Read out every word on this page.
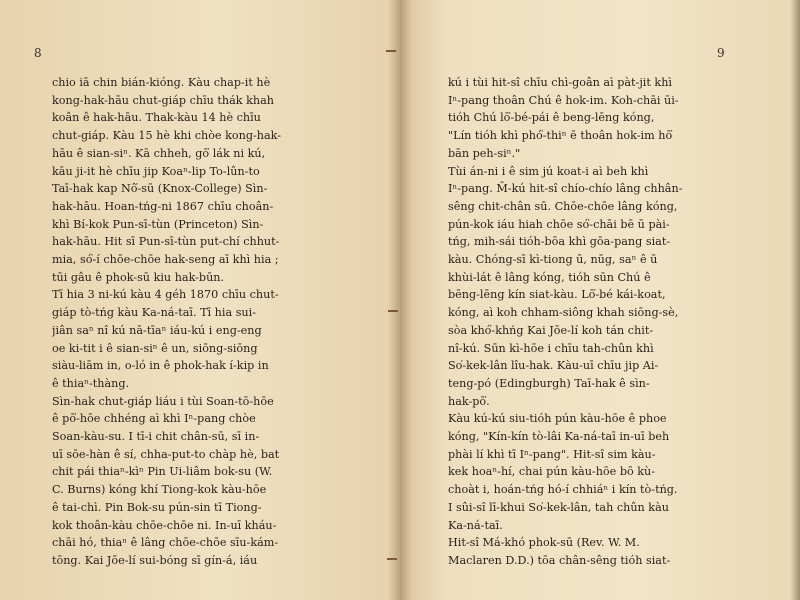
8
chio iā chin bián-kióng. Kàu chap-it hè
kong-hak-hāu chut-giáp chīu thák khah
koân ê hak-hāu. Thak-kàu 14 hè chīu
chut-giáp. Kàu 15 hè khi chòe kong-hak-
hāu ê sian-siⁿ. Kā chheh, gō͘ lák ni kú,
kāu ji-it hè chīu jip Koaⁿ-lip To-lûn-to
Taī-hak kap Nô͘-sū (Knox-College) Sìn-
hak-hāu. Hoan-tńg-ni 1867 chīu choân-
khì Bí-kok Pun-sī-tùn (Princeton) Sìn-
hak-hāu. Hit sī Pun-sī-tùn put-chí chhut-
mia, só͘-í chōe-chōe hak-seng aī khì hia ;
tūi gâu ê phok-sū kiu hak-būn.
Tī hia 3 ni-kú kàu 4 géh 1870 chīu chut-
giáp tò-tńg kàu Ka-ná-taī. Tī hia sui-
jiân saⁿ nî kú nā-tīaⁿ iáu-kú i eng-eng
oe ki-tit i ê sian-siⁿ ê un, siōng-siōng
siàu-liām in, o-ló in ê phok-hak í-kip in
ê thiaⁿ-thàng.
Sìn-hak chut-giáp liáu i tùi Soan-tō-hōe
ê pō͘-hōe chhéng aì khì Iⁿ-pang chòe
Soan-kàu-su. I tī-i chit chân-sū, sī in-
uī sōe-hàn ê sí, chha-put-to chàp hè, bat
chit pái thiaⁿ-kìⁿ Pin Ui-liâm bok-su (W.
C. Burns) kóng khí Tiong-kok kàu-hōe
ê tai-chì. Pin Bok-su pún-sin tī Tiong-
kok thoân-kàu chōe-chōe ni. In-uī kháu-
chāi hó, thiaⁿ ê lâng chōe-chōe sīu-kám-
tōng. Kai Jōe-lí sui-bóng sī gín-á, iáu
9
kú i tùi hit-sî chīu chì-goân aì pàt-jit khì
Iⁿ-pang thoân Chú ê hok-im. Koh-chāi ūi-
tióh Chú lō͘-bé-pái ê beng-lēng kóng,
"Lín tióh khì phó͘-thiⁿ ē thoân hok-im hō͘
bān peh-siⁿ."
Tùi án-ni i ê sim jú koat-i aì beh khì
Iⁿ-pang. M̄-kú hit-sî chío-chío lâng chhân-
sêng chit-chân sū. Chōe-chōe lâng kóng,
pún-kok iáu hiah chōe só͘-chāi bē ū pài-
tńg, mih-sái tióh-bōa khì gōa-pang siat-
kàu. Chóng-sī kì-tiong ū, nūg, saⁿ ê ū
khùi-lát ê lâng kóng, tióh sūn Chú ê
bēng-lēng kín siat-kàu. Lō͘-bé kái-koat,
kóng, aì koh chham-siông khah siōng-sè,
sòa khó͘-khńg Kai Jōe-lí koh tán chit-
nî-kú. Sūn kì-hōe i chīu tah-chûn khì
So͘-kek-lân lîu-hak. Kàu-uī chīu jip Ai-
teng-pó (Edingburgh) Taī-hak ê sìn-
hak-pō͘.
Kàu kú-kú siu-tióh pún kàu-hōe ê phoe
kóng, "Kín-kín tò-lâi Ka-ná-taī in-uī beh
phài lí khì tī Iⁿ-pang". Hit-sî sim kàu-
kek hoaⁿ-hí, chai pún kàu-hōe bō kù-
choàt i, hoán-tńg hó-í chhiáⁿ i kín tò-tńg.
I sûi-sî lī-khui So͘-kek-lân, tah chûn kàu
Ka-ná-taī.
Hit-sî Má-khó phok-sū (Rev. W. M.
Maclaren D.D.) tōa chân-sêng tióh siat-
